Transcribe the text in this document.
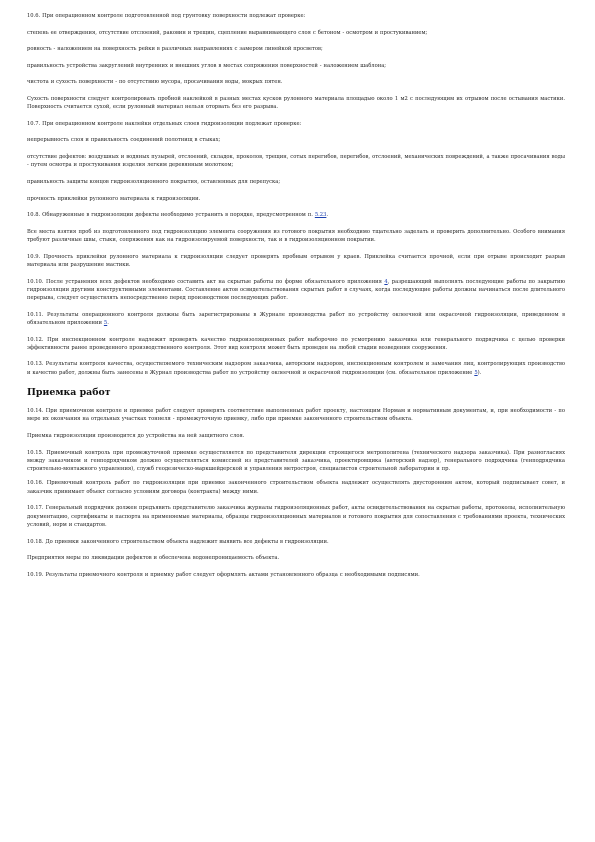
10.6. При операционном контроле подготовленной под грунтовку поверхности подлежат проверке:
степень ее отверждения, отсутствие отслоений, раковин и трещин, сцепление выравнивающего слоя с бетоном - осмотром и простукиванием;
ровность - наложением на поверхность рейки в различных направлениях с замером линейкой просветов;
правильность устройства закруглений внутренних и внешних углов в местах сопряжения поверхностей - наложением шаблона;
чистота и сухость поверхности - по отсутствию мусора, просачивания воды, мокрых пятен.
Сухость поверхности следует контролировать пробной наклейкой в разных местах кусков рулонного материала площадью около 1 м2 с последующим их отрывом после остывания мастики. Поверхность считается сухой, если рулонный материал нельзя оторвать без его разрыва.
10.7. При операционном контроле наклейки отдельных слоев гидроизоляции подлежат проверке:
непрерывность слоя и правильность соединений полотнищ в стыках;
отсутствие дефектов: воздушных и водяных пузырей, отслоений, складок, проколов, трещин, сотых перегибов, перегибов, отслоений, механических повреждений, а также просачивания воды - путем осмотра и простукивания изделия легким деревянным молотком;
правильность защиты концов гидроизоляционного покрытия, оставленных для перепуска;
прочность приклейки рулонного материала к гидроизоляции.
10.8. Обнаруженные в гидроизоляции дефекты необходимо устранить в порядке, предусмотренном п. 5.23.
Все места взятия проб из подготовленного под гидроизоляцию элемента сооружения из готового покрытия необходимо тщательно заделать и проверить дополнительно. Особого внимания требуют различные швы, стыки, сопряжения как на гидроизолируемой поверхности, так и в гидроизоляционном покрытии.
10.9. Прочность приклейки рулонного материала к гидроизоляции следует проверять пробным отрывом у краев. Приклейка считается прочной, если при отрыве происходит разрыв материала или разрушение мастики.
10.10. После устранения всех дефектов необходимо составить акт на скрытые работы по форме обязательного приложения 4, разрешающий выполнять последующие работы по закрытию гидроизоляции другими конструктивными элементами. Составление актов освидетельствования скрытых работ в случаях, когда последующие работы должны начинаться после длительного перерыва, следует осуществлять непосредственно перед производством последующих работ.
10.11. Результаты операционного контроля должны быть зарегистрированы в Журнале производства работ по устройству оклеечной или окрасочной гидроизоляции, приведенном в обязательном приложении 5.
10.12. При инспекционном контроле надлежит проверять качество гидроизоляционных работ выборочно по усмотрению заказчика или генерального подрядчика с целью проверки эффективности ранее проведенного производственного контроля. Этот вид контроля может быть проведен на любой стадии возведения сооружения.
10.13. Результаты контроля качества, осуществляемого техническим надзором заказчика, авторским надзором, инспекционным контролем и замечания лиц, контролирующих производство и качество работ, должны быть занесены в Журнал производства работ по устройству оклеечной и окрасочной гидроизоляции (см. обязательное приложение 5).
Приемка работ
10.14. При приемочном контроле и приемке работ следует проверять соответствие выполненных работ проекту, настоящим Нормам и нормативным документам, и, при необходимости - по мере их окончания на отдельных участках тоннеля - промежуточную приемку, либо при приемке законченного строительством объекта.
Приемка гидроизоляции производится до устройства на ней защитного слоя.
10.15. Приемочный контроль при промежуточной приемке осуществляется по представителя дирекции строящегося метрополитена (технического надзора заказчика). При разногласиях между заказчиком и генподрядчиком должно осуществляться комиссией из представителей заказчика, проектировщика (авторский надзор), генерального подрядчика (генподрядчика строительно-монтажного управления), служб геодезическо-маркшейдерской и управления метростроя, специалистов строительной лаборатории и пр.
10.16. Приемочный контроль работ по гидроизоляции при приемке законченного строительством объекта надлежит осуществлять двусторонним актом, который подписывает совет, и заказчик принимает объект согласно условиям договора (контракта) между ними.
10.17. Генеральный подрядчик должен предъявить представителю заказчика журналы гидроизоляционных работ, акты освидетельствования на скрытые работы, протоколы, исполнительную документацию, сертификаты и паспорта на применяемые материалы, образцы гидроизоляционных материалов и готового покрытия для сопоставления с требованиями проекта, технических условий, норм и стандартов.
10.18. До приемки законченного строительством объекта надлежит выявить все дефекты в гидроизоляции.
Предприятия меры по ликвидации дефектов и обеспечена водонепроницаемость объекта.
10.19. Результаты приемочного контроля и приемку работ следует оформлять актами установленного образца с необходимыми подписями.
